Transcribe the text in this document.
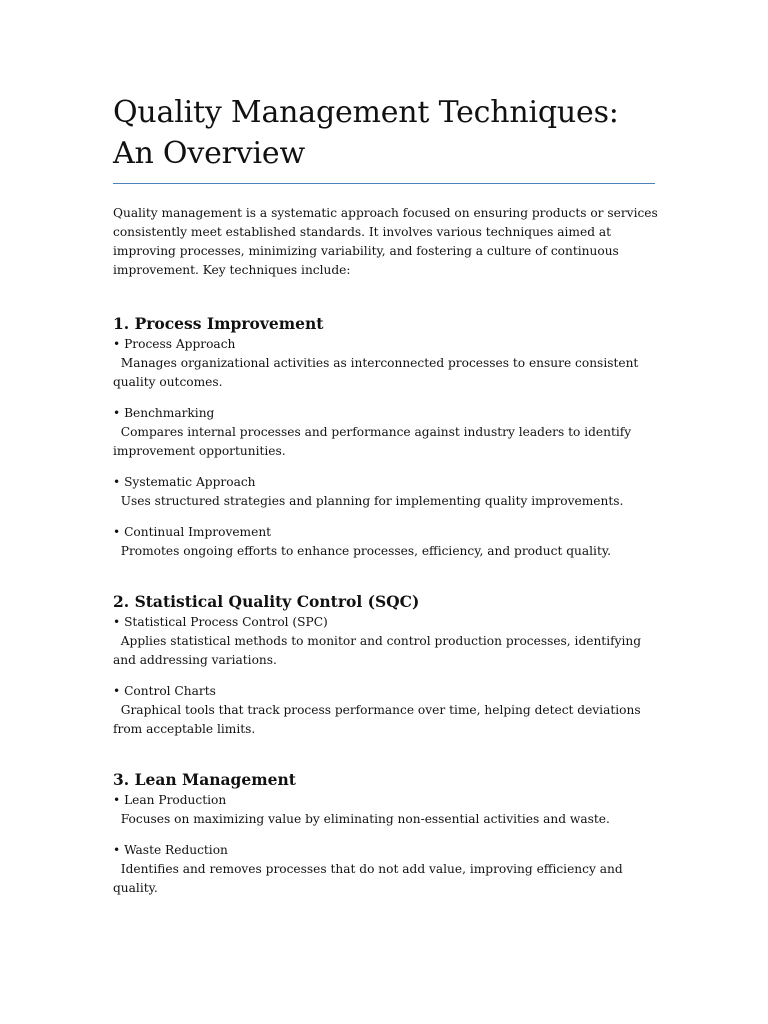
Quality Management Techniques: An Overview

Quality management is a systematic approach focused on ensuring products or services consistently meet established standards. It involves various techniques aimed at improving processes, minimizing variability, and fostering a culture of continuous improvement. Key techniques include:

1. Process Improvement
• Process Approach
Manages organizational activities as interconnected processes to ensure consistent quality outcomes.
• Benchmarking
Compares internal processes and performance against industry leaders to identify improvement opportunities.
• Systematic Approach
Uses structured strategies and planning for implementing quality improvements.
• Continual Improvement
Promotes ongoing efforts to enhance processes, efficiency, and product quality.
2. Statistical Quality Control (SQC)
• Statistical Process Control (SPC)
Applies statistical methods to monitor and control production processes, identifying and addressing variations.
• Control Charts
Graphical tools that track process performance over time, helping detect deviations from acceptable limits.
3. Lean Management
• Lean Production
Focuses on maximizing value by eliminating non-essential activities and waste.
• Waste Reduction
Identifies and removes processes that do not add value, improving efficiency and quality.
